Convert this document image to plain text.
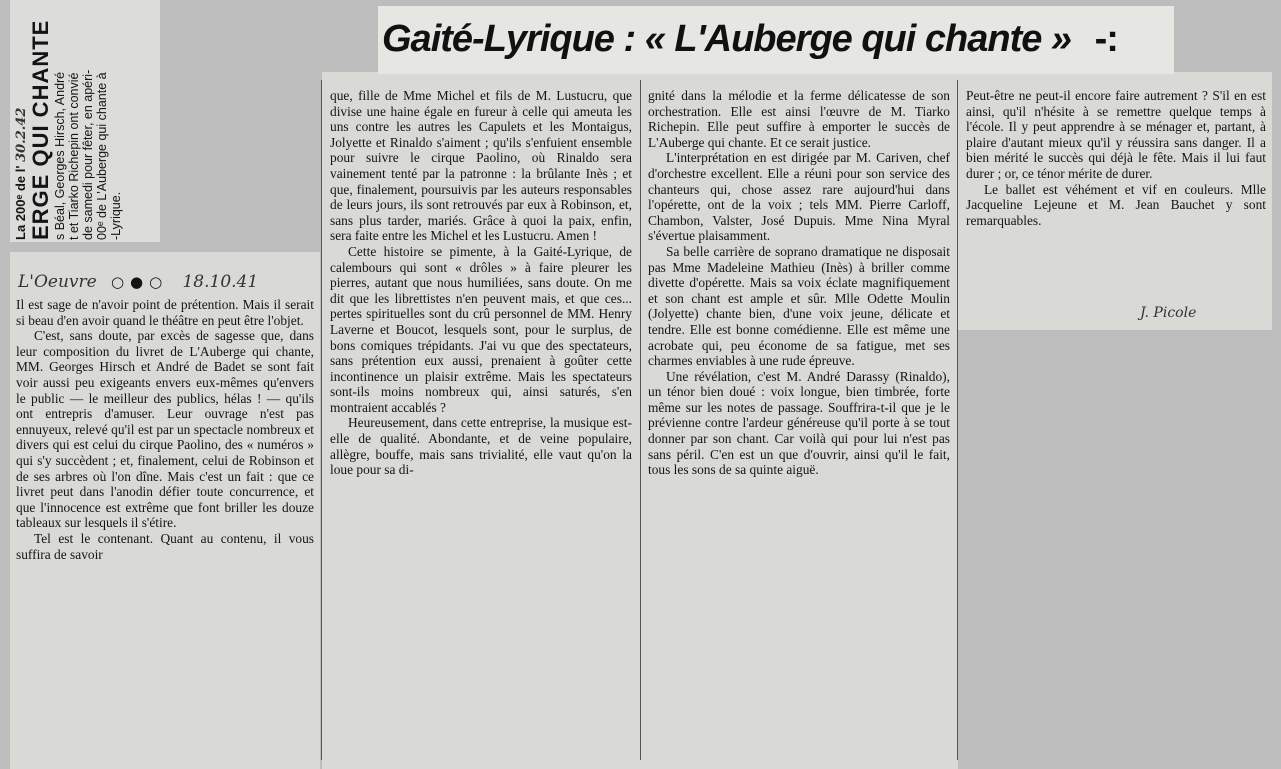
La 200ᵉ de l' 30.2.42 ERGE QUI CHANTE s Béal, Georges Hirsch, André t et Tiarko Richepin ont convié de samedi pour fêter, en apéri- 00ᵉ de L'Auberge qui chante à -Lyrique.
Gaité-Lyrique : « L'Auberge qui chante » -:
L'Oeuvre ○●○ 18.10.41

Il est sage de n'avoir point de prétention. Mais il serait si beau d'en avoir quand le théâtre en peut être l'objet.

C'est, sans doute, par excès de sagesse que, dans leur composition du livret de L'Auberge qui chante, MM. Georges Hirsch et André de Badet se sont fait voir aussi peu exigeants envers eux-mêmes qu'envers le public — le meilleur des publics, hélas ! — qu'ils ont entrepris d'amuser. Leur ouvrage n'est pas ennuyeux, relevé qu'il est par un spectacle nombreux et divers qui est celui du cirque Paolino, des « numéros » qui s'y succèdent ; et, finalement, celui de Robinson et de ses arbres où l'on dîne. Mais c'est un fait : que ce livret peut dans l'anodin défier toute concurrence, et que l'innocence est extrême que font briller les douze tableaux sur lesquels il s'étire.

Tel est le contenant. Quant au contenu, il vous suffira de savoir

que, fille de Mme Michel et fils de M. Lustucru, que divise une haine égale en fureur à celle qui ameuta les uns contre les autres les Capulets et les Montaigus, Jolyette et Rinaldo s'aiment ; qu'ils s'enfuient ensemble pour suivre le cirque Paolino, où Rinaldo sera vainement tenté par la patronne : la brûlante Inès ; et que, finalement, poursuivis par les auteurs responsables de leurs jours, ils sont retrouvés par eux à Robinson, et, sans plus tarder, mariés. Grâce à quoi la paix, enfin, sera faite entre les Michel et les Lustucru. Amen !

Cette histoire se pimente, à la Gaité-Lyrique, de calembours qui sont « drôles » à faire pleurer les pierres, autant que nous humiliées, sans doute. On me dit que les librettistes n'en peuvent mais, et que ces... pertes spirituelles sont du crû personnel de MM. Henry Laverne et Boucot, lesquels sont, pour le surplus, de bons comiques trépidants. J'ai vu que des spectateurs, sans prétention eux aussi, prenaient à goûter cette incontinence un plaisir extrême. Mais les spectateurs sont-ils moins nombreux qui, ainsi saturés, s'en montraient accablés ?

Heureusement, dans cette entreprise, la musique est-elle de qualité. Abondante, et de veine populaire, allègre, bouffe, mais sans trivialité, elle vaut qu'on la loue pour sa di-

gnité dans la mélodie et la ferme délicatesse de son orchestration. Elle est ainsi l'œuvre de M. Tiarko Richepin. Elle peut suffire à emporter le succès de L'Auberge qui chante. Et ce serait justice.

L'interprétation en est dirigée par M. Cariven, chef d'orchestre excellent. Elle a réuni pour son service des chanteurs qui, chose assez rare aujourd'hui dans l'opérette, ont de la voix ; tels MM. Pierre Carloff, Chambon, Valster, José Dupuis. Mme Nina Myral s'évertue plaisamment.

Sa belle carrière de soprano dramatique ne disposait pas Mme Madeleine Mathieu (Inès) à briller comme divette d'opérette. Mais sa voix éclate magnifiquement et son chant est ample et sûr. Mlle Odette Moulin (Jolyette) chante bien, d'une voix jeune, délicate et tendre. Elle est bonne comédienne. Elle est même une acrobate qui, peu économe de sa fatigue, met ses charmes enviables à une rude épreuve.

Une révélation, c'est M. André Darassy (Rinaldo), un ténor bien doué : voix longue, bien timbrée, forte même sur les notes de passage. Souffrira-t-il que je le prévienne contre l'ardeur généreuse qu'il porte à se tout donner par son chant. Car voilà qui pour lui n'est pas sans péril. C'en est un que d'ouvrir, ainsi qu'il le fait, tous les sons de sa quinte aiguë.

Peut-être ne peut-il encore faire autrement ? S'il en est ainsi, qu'il n'hésite à se remettre quelque temps à l'école. Il y peut apprendre à se ménager et, partant, à plaire d'autant mieux qu'il y réussira sans danger. Il a bien mérité le succès qui déjà le fête. Mais il lui faut durer ; or, ce ténor mérite de durer.

Le ballet est véhément et vif en couleurs. Mlle Jacqueline Lejeune et M. Jean Bauchet y sont remarquables.

J. Picole
